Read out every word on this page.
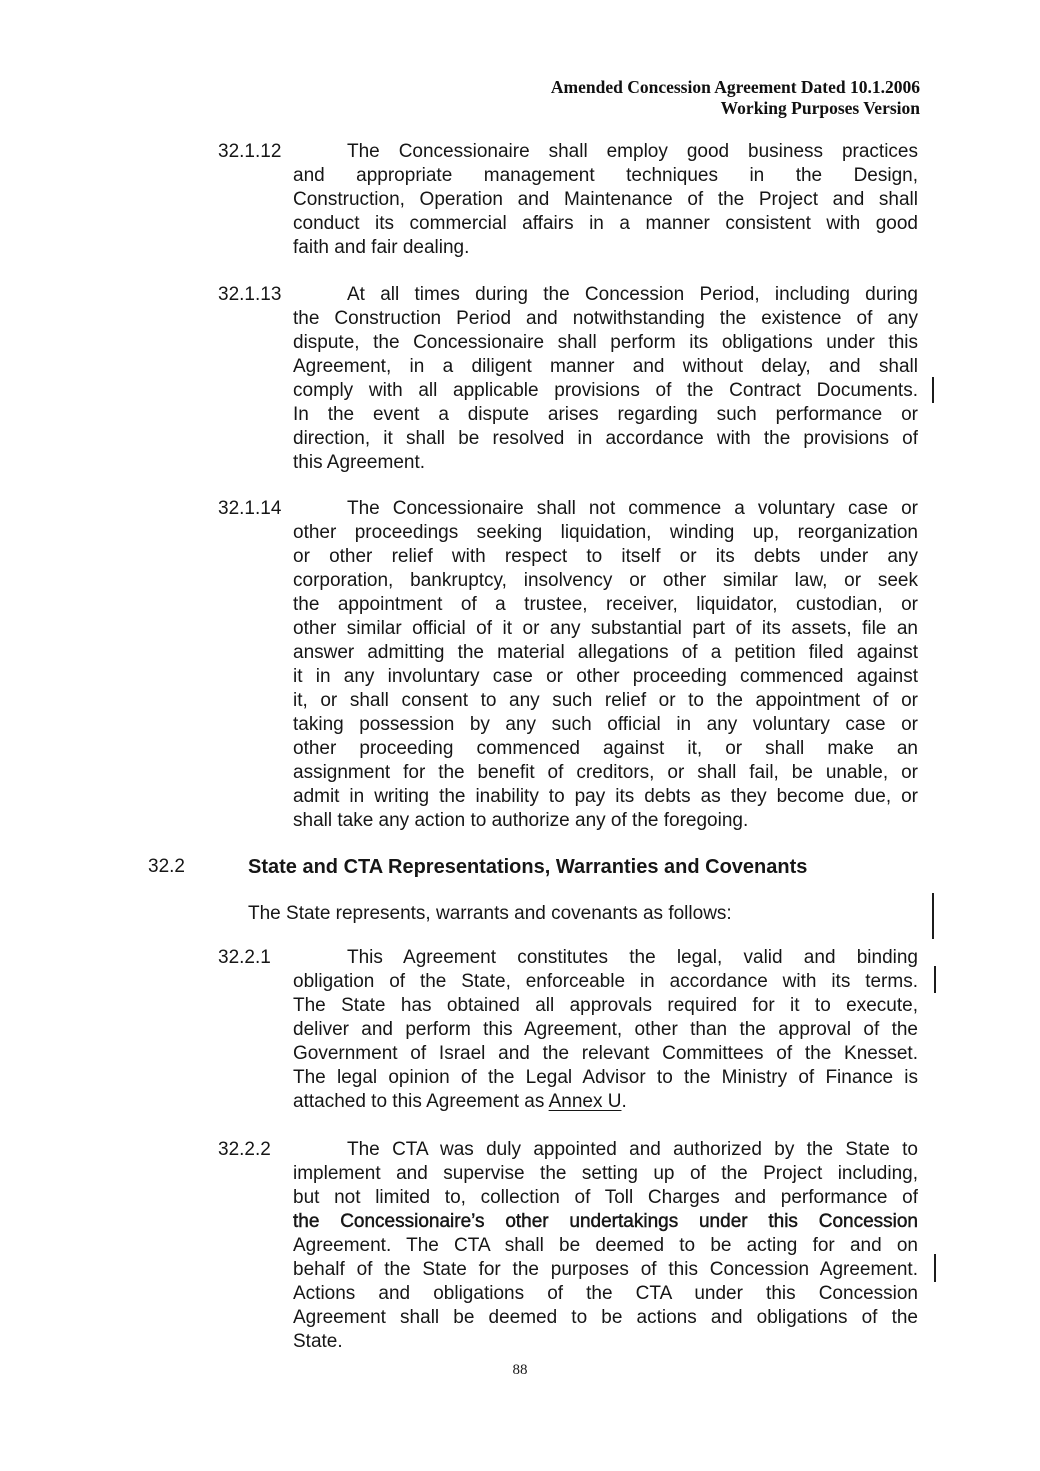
Amended Concession Agreement Dated 10.1.2006
Working Purposes Version
32.1.12	The Concessionaire shall employ good business practices
and appropriate management techniques in the Design,
Construction, Operation and Maintenance of the Project and shall
conduct its commercial affairs in a manner consistent with good
faith and fair dealing.
32.1.13	At all times during the Concession Period, including during
the Construction Period and notwithstanding the existence of any
dispute, the Concessionaire shall perform its obligations under this
Agreement, in a diligent manner and without delay, and shall
comply with all applicable provisions of the Contract Documents.
In the event a dispute arises regarding such performance or
direction, it shall be resolved in accordance with the provisions of
this Agreement.
32.1.14	The Concessionaire shall not commence a voluntary case or
other proceedings seeking liquidation, winding up, reorganization
or other relief with respect to itself or its debts under any
corporation, bankruptcy, insolvency or other similar law, or seek
the appointment of a trustee, receiver, liquidator, custodian, or
other similar official of it or any substantial part of its assets, file an
answer admitting the material allegations of a petition filed against
it in any involuntary case or other proceeding commenced against
it, or shall consent to any such relief or to the appointment of or
taking possession by any such official in any voluntary case or
other proceeding commenced against it, or shall make an
assignment for the benefit of creditors, or shall fail, be unable, or
admit in writing the inability to pay its debts as they become due, or
shall take any action to authorize any of the foregoing.
32.2	State and CTA Representations, Warranties and Covenants
The State represents, warrants and covenants as follows:
32.2.1	This Agreement constitutes the legal, valid and binding
obligation of the State, enforceable in accordance with its terms.
The State has obtained all approvals required for it to execute,
deliver and perform this Agreement, other than the approval of the
Government of Israel and the relevant Committees of the Knesset.
The legal opinion of the Legal Advisor to the Ministry of Finance is
attached to this Agreement as Annex U.
32.2.2	The CTA was duly appointed and authorized by the State to
implement and supervise the setting up of the Project including,
but not limited to, collection of Toll Charges and performance of
the Concessionaire’s other undertakings under this Concession
Agreement. The CTA shall be deemed to be acting for and on
behalf of the State for the purposes of this Concession Agreement.
Actions and obligations of the CTA under this Concession
Agreement shall be deemed to be actions and obligations of the
State.
88
